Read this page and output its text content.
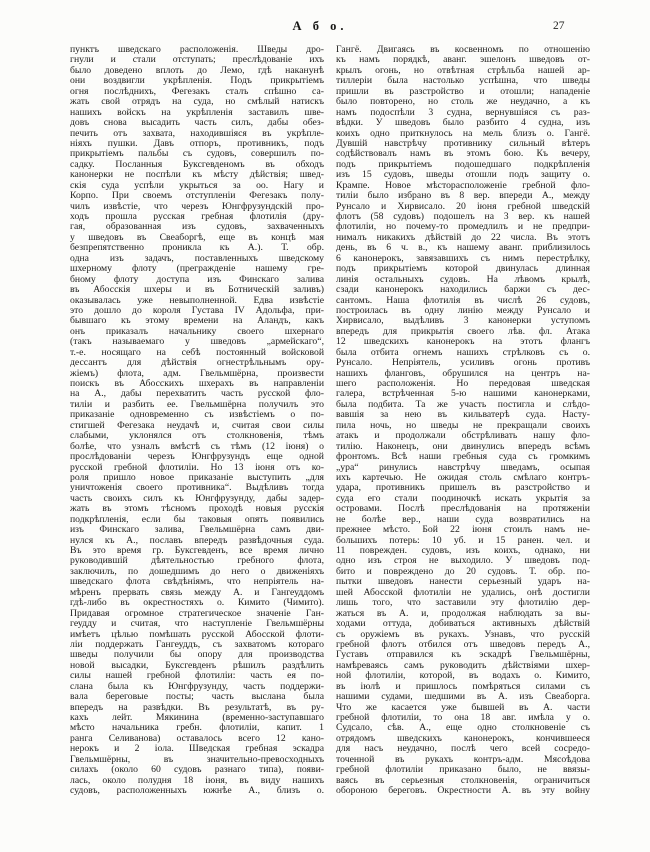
А б о.	27
пунктъ шведскаго расположенія. Шведы дро-
гнули и стали отступать; преслѣдованіе ихъ
было доведено вплоть до Лемо, гдѣ наканунѣ
они воздвигли укрѣпленія. Подъ прикрытіемъ
огня послѣднихъ, Фегезакъ сталъ спѣшно са-
жать свой отрядъ на суда, но смѣлый натискъ
нашихъ войскъ на укрѣпленія заставилъ шве-
довъ снова высадить часть силъ, дабы обез-
печить отъ захвата, находившіяся въ укрѣпле-
ніяхъ пушки. Давъ отпоръ, противникъ, подъ
прикрытіемъ пальбы съ судовъ, совершилъ по-
садку. Посланныя Буксгевденомъ въ обходъ
канонерки не поспѣли къ мѣсту дѣйствія; швед-
скія суда успѣли укрыться за оо. Нагу и
Корпо. При своемъ отступленіи Фегезакъ полу-
чилъ извѣстіе, что черезъ Юнгфрузундскій про-
ходъ прошла русская гребная флотилія (дру-
гая, образованная изъ судовъ, захваченныхъ
у шведовъ въ Свеаборгѣ, еще въ концѣ мая
безпрепятственно проникла къ А.). Т. обр.
одна изъ задачъ, поставленныхъ шведскому
шхерному флоту (прегражденіе нашему гре-
бному флоту доступа изъ Финскаго залива
въ Абосскія шхеры и въ Ботническій заливъ)
оказывалась уже невыполненной. Едва извѣстіе
это дошло до короля Густава IV Адольфа, при-
бывшаго къ этому времени на Аландъ, какъ
онъ приказалъ начальнику своего шхернаго
(такъ называемаго у шведовъ „армейскаго“,
т.-е. носящаго на себѣ постоянный войсковой
дессантъ для дѣйствія огнестрѣльнымъ ору-
жіемъ) флота, адм. Гвельмшёрна, произвести
поискъ въ Абосскихъ шхерахъ въ направленіи
на А., дабы перехватить часть русской фло-
тиліи и разбить ее. Гвельмшёрна получилъ это
приказаніе одновременно съ извѣстіемъ о по-
стигшей Фегезака неудачѣ и, считая свои силы
слабыми, уклонялся отъ столкновенія, тѣмъ
болѣе, что узналъ вмѣстѣ съ тѣмъ (12 іюня) о
прослѣдованіи черезъ Юнгфрузундъ еще одной
русской гребной флотиліи. Но 13 іюня отъ ко-
роля пришло новое приказаніе выступить „для
уничтоженія своего противника“. Выдѣливъ тогда
часть своихъ силъ къ Юнгфрузунду, дабы задер-
жать въ этомъ тѣсномъ проходѣ новыя русскія
подкрѣпленія, если бы таковыя опять появились
изъ Финскаго залива, Гвельмшёрна самъ дви-
нулся къ А., пославъ впередъ развѣдочныя суда.
Въ это время гр. Буксгевденъ, все время лично
руководившій дѣятельностью гребного флота,
заключилъ, по дошедшимъ до него о движеніяхъ
шведскаго флота свѣдѣніямъ, что непріятель на-
мѣренъ прервать связь между А. и Гангеуддомъ
гдѣ-либо въ окрестностяхъ о. Кимито (Чимито).
Придавая огромное стратегическое значеніе Ган-
геудду и считая, что наступленіе Гвельмшёрны
имѣетъ цѣлью помѣшать русской Абосской флоти-
ліи поддержать Гангеуддъ, съ захватомъ котораго
шведы получили бы опору для производства
новой высадки, Буксгевденъ рѣшилъ раздѣлить
силы нашей гребной флотиліи: часть ея по-
слана была къ Юнгфрузунду, часть поддержи-
вала береговые посты; часть выслана была
впередъ на развѣдки. Въ результатѣ, въ ру-
кахъ лейт. Мякинина (временно-заступавшаго
мѣсто начальника гребн. флотиліи, капит. 1
ранга Селиванова) оставалось всего 12 кано-
нерокъ и 2 іола. Шведская гребная эскадра
Гвельмшёрны, въ значительно-превосходныхъ
силахъ (около 60 судовъ разнаго типа), появи-
лась, около полудня 18 іюня, въ виду нашихъ
судовъ, расположенныхъ южнѣе А., близъ о.
Гангё. Двигаясь въ косвенномъ по отношенію
къ намъ порядкѣ, аванг. эшелонъ шведовъ от-
крылъ огонь, но отвѣтная стрѣльба нашей ар-
тиллеріи была настолько успѣшна, что шведы
пришли въ разстройство и отошли; нападеніе
было повторено, но столь же неудачно, а къ
намъ подоспѣли 3 судна, вернувшіяся съ раз-
вѣдки. У шведовъ было разбито 4 судна, изъ
коихъ одно приткнулось на мель близъ о. Гангё.
Дувшій навстрѣчу противнику сильный вѣтеръ
содѣйствовалъ намъ въ этомъ бою. Къ вечеру,
подъ прикрытіемъ подошедшаго подкрѣпленія
изъ 15 судовъ, шведы отошли подъ защиту о.
Крампе. Новое мѣсторасположеніе гребной фло-
тиліи было избрано въ 8 вер. впереди А., между
Рунсало и Хирвисало. 20 іюня гребной шведскій
флотъ (58 судовъ) подошелъ на 3 вер. къ нашей
флотиліи, но почему-то промедлилъ и не предпри-
нималъ никакихъ дѣйствій до 22 числа. Въ этотъ
день, въ 6 ч. в., къ нашему аванг. приблизилось
6 канонерокъ, завязавшихъ съ нимъ перестрѣлку,
подъ прикрытіемъ которой двинулась длинная
линія остальныхъ судовъ. На лѣвомъ крылѣ,
сзади канонерокъ находились баржи съ дес-
сантомъ. Наша флотилія въ числѣ 26 судовъ,
построилась въ одну линію между Рунсало и
Хирвисало, выдѣливъ 3 канонерки уступомъ
впередъ для прикрытія своего лѣв. фл. Атака
12 шведскихъ канонерокъ на этотъ флангъ
была отбита огнемъ нашихъ стрѣлковъ съ о.
Рунсало. Непріятель, усиливъ огонь противъ
нашихъ фланговъ, обрушился на центръ на-
шего расположенія. Но передовая шведская
галера, встрѣченная 5-ю нашими канонерками,
была подбита. Та же участь постигла и слѣдо-
вавшія за нею въ кильватерѣ суда. Насту-
пила ночь, но шведы не прекращали своихъ
атакъ и продолжали обстрѣливать нашу фло-
тилію. Наконецъ, они двинулись впередъ всѣмъ
фронтомъ. Всѣ наши гребныя суда съ громкимъ
„ура“ ринулись навстрѣчу шведамъ, осыпая
ихъ картечью. Не ожидая столь смѣлаго контръ-
удара, противникъ пришелъ въ разстройство и
суда его стали поодиночкѣ искать укрытія за
островами. Послѣ преслѣдованія на протяженіи
не болѣе вер., наши суда возвратились на
прежнее мѣсто. Бой 22 іюня стоилъ намъ не-
большихъ потерь: 10 уб. и 15 ранен. чел. и
11 поврежден. судовъ, изъ коихъ, однако, ни
одно изъ строя не выходило. У шведовъ под-
бито и повреждено до 20 судовъ. Т. обр. по-
пытки шведовъ нанести серьезный ударъ на-
шей Абосской флотиліи не удались, онѣ достигли
лишь того, что заставили эту флотилію дер-
жаться въ А. и, продолжая наблюдать за вы-
ходами оттуда, добиваться активныхъ дѣйствій
съ оружіемъ въ рукахъ. Узнавъ, что русскій
гребной флотъ отбился отъ шведовъ передъ А.,
Густавъ отправился къ эскадрѣ Гвельмшёрны,
намѣреваясь самъ руководить дѣйствіями шхер-
ной флотиліи, которой, въ водахъ о. Кимито,
въ іюлѣ и пришлось помѣряться силами съ
нашими судами, шедшими въ А. изъ Свеаборга.
Что же касается уже бывшей въ А. части
гребной флотиліи, то она 18 авг. имѣла у о.
Судсало, сѣв. А., еще одно столкновеніе съ
отрядомъ шведскихъ канонерокъ, кончившееся
для насъ неудачно, послѣ чего всей сосредо-
точенной въ рукахъ контръ-адм. Мясоѣдова
гребной флотиліи приказано было, не ввязы-
ваясь въ серьезныя столкновенія, ограничиться
обороною береговъ. Окрестности А. въ эту войну
